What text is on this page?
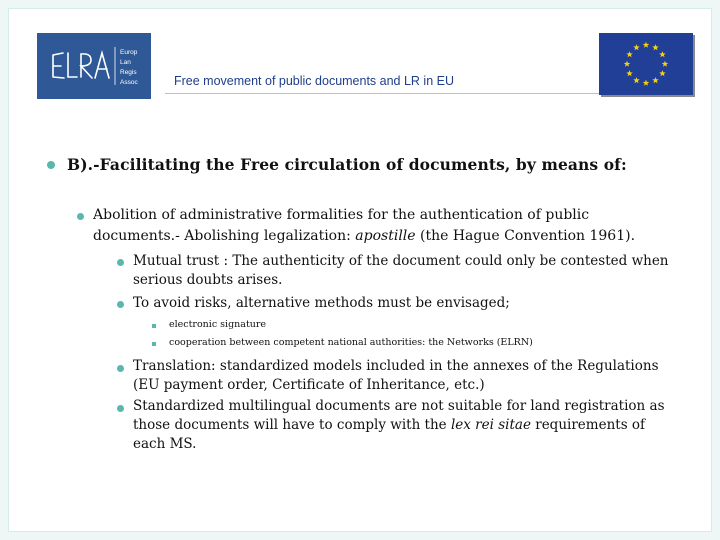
Europ
Lan
Regis
Assoc	Free movement of public documents and LR in EU
B).-Facilitating the Free circulation of documents, by means of:
Abolition of administrative formalities for the authentication of public
documents.- Abolishing legalization: apostille (the Hague Convention 1961).
Mutual trust : The authenticity of the document could only be contested when
serious doubts arises.
To avoid risks, alternative methods must be envisaged;
electronic signature
cooperation between competent national authorities: the Networks (ELRN)
Translation: standardized models included in the annexes of the Regulations
(EU payment order, Certificate of Inheritance, etc.)
Standardized multilingual documents are not suitable for land registration as
those documents will have to comply with the lex rei sitae requirements of
each MS.
